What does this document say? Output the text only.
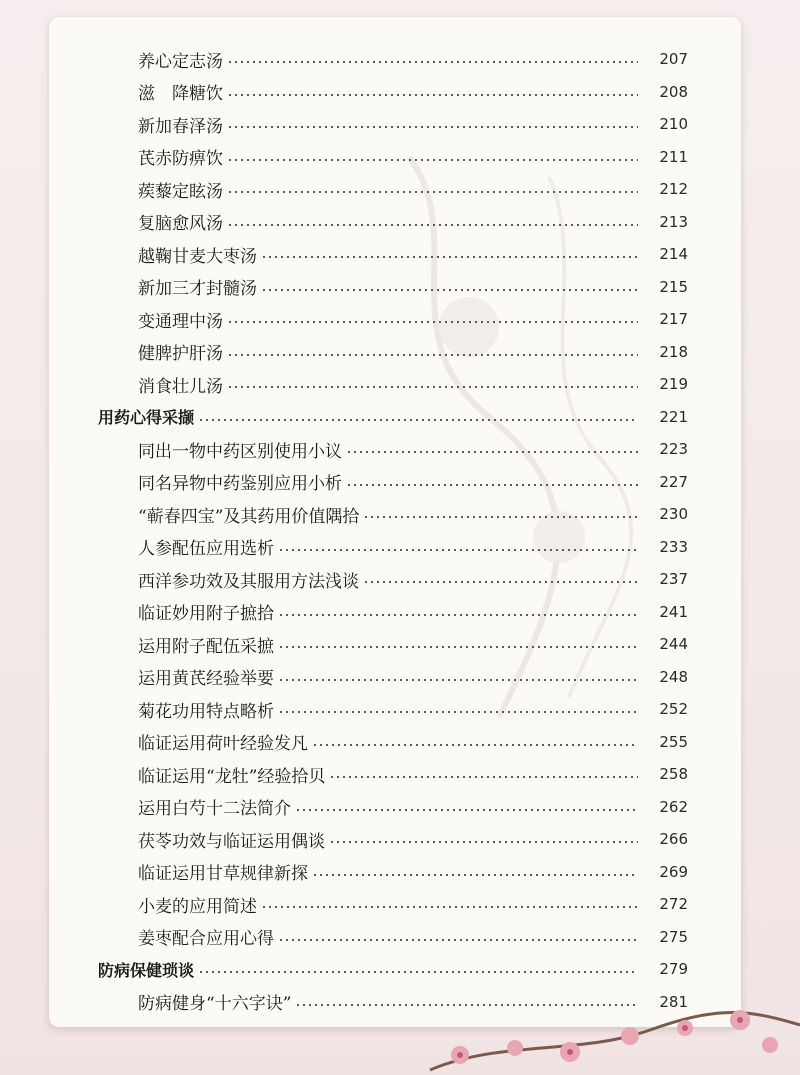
养心定志汤	207
滋　降糖饮	208
新加春泽汤	210
芪赤防痹饮	211
蒺藜定眩汤	212
复脑愈风汤	213
越鞠甘麦大枣汤	214
新加三才封髓汤	215
变通理中汤	217
健脾护肝汤	218
消食壮儿汤	219
用药心得采撷	221
同出一物中药区别使用小议	223
同名异物中药鉴别应用小析	227
“蕲春四宝”及其药用价值隅拾	230
人参配伍应用选析	233
西洋参功效及其服用方法浅谈	237
临证妙用附子摭拾	241
运用附子配伍采摭	244
运用黄芪经验举要	248
菊花功用特点略析	252
临证运用荷叶经验发凡	255
临证运用“龙牡”经验拾贝	258
运用白芍十二法简介	262
茯苓功效与临证运用偶谈	266
临证运用甘草规律新探	269
小麦的应用简述	272
姜枣配合应用心得	275
防病保健琐谈	279
防病健身“十六字诀”	281
